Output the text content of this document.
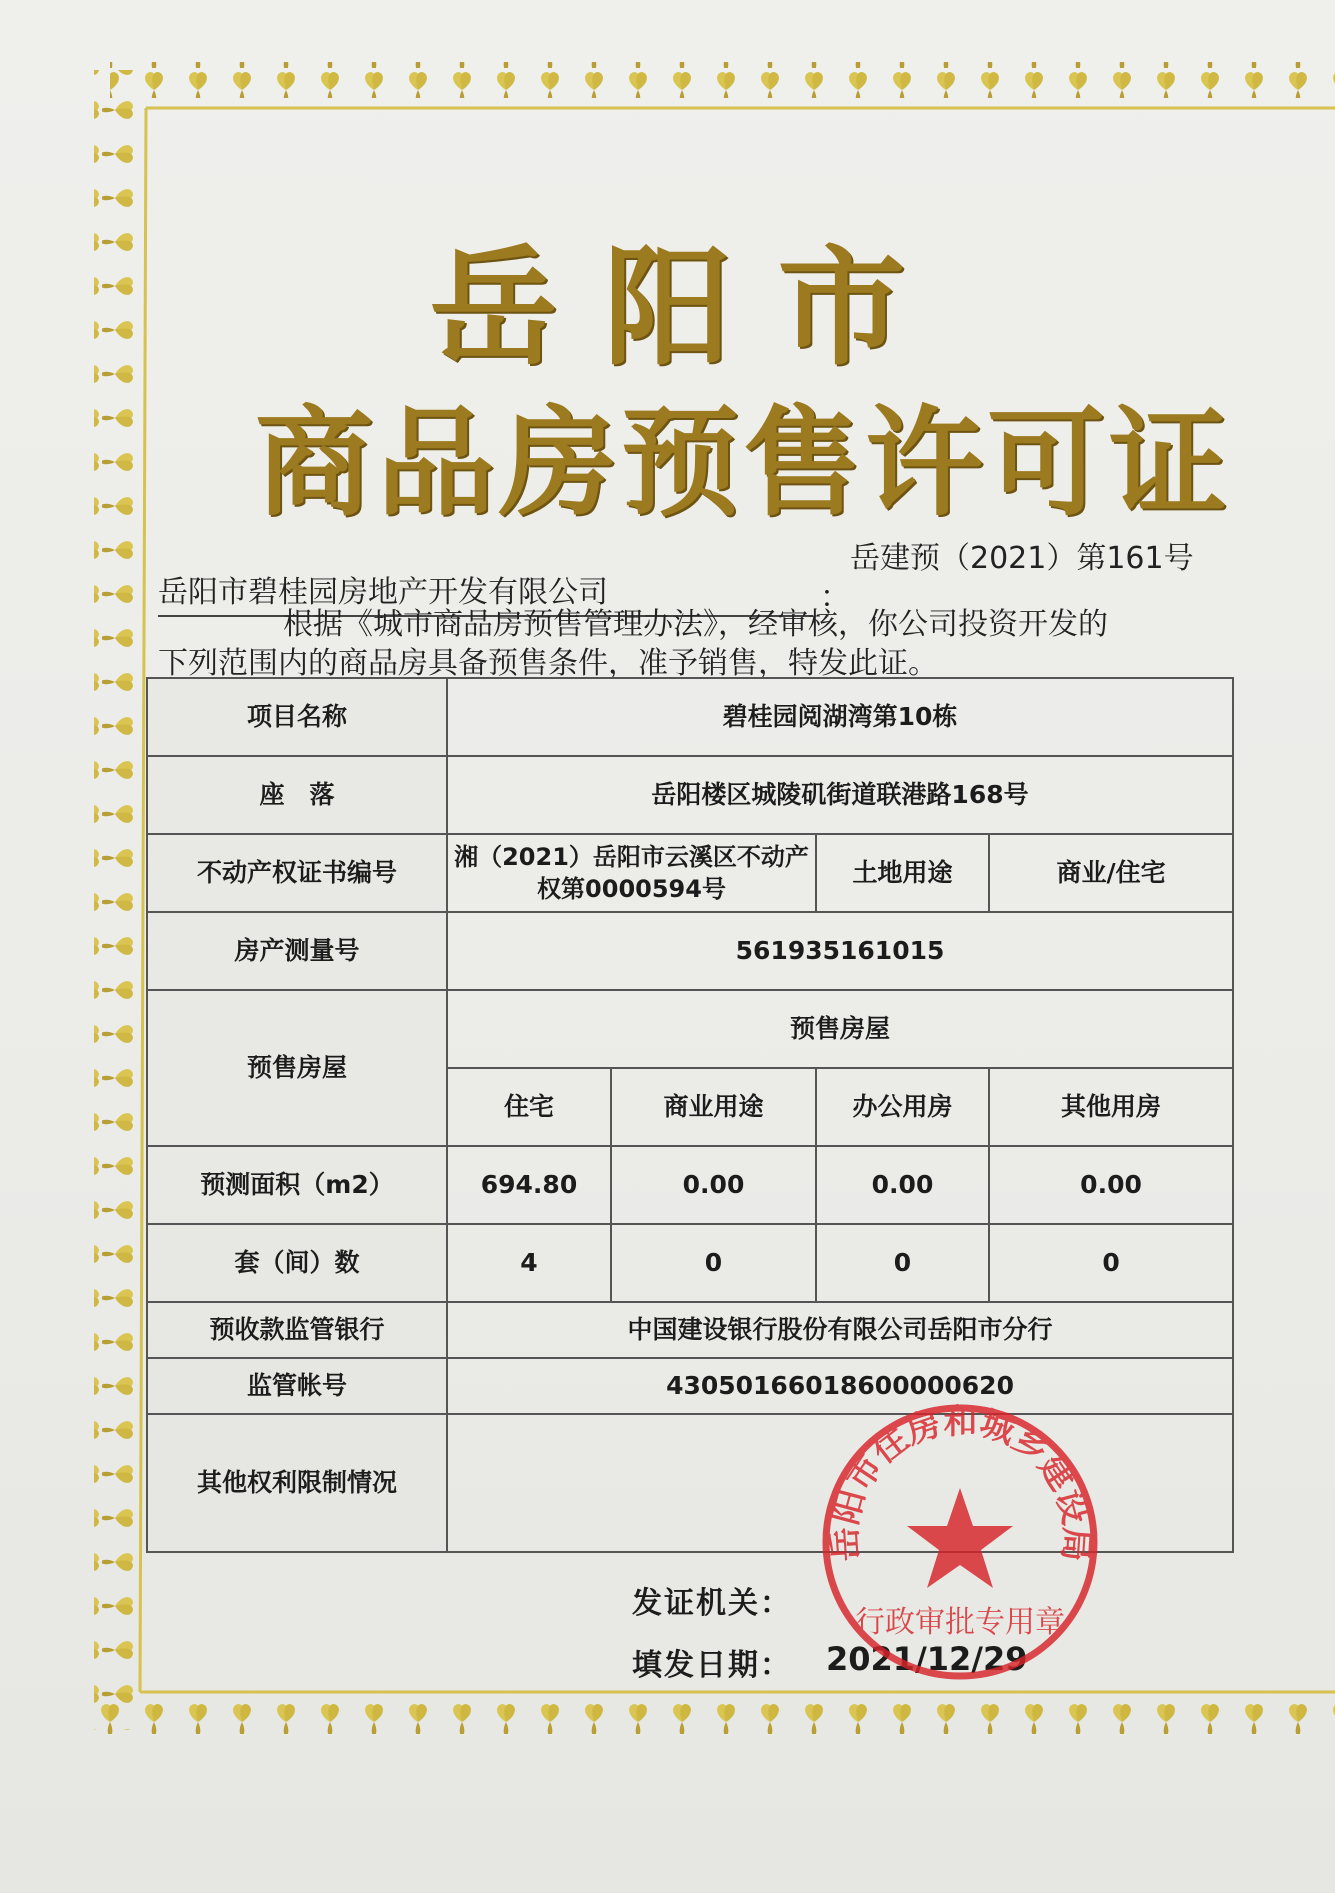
岳阳市
商品房预售许可证
岳建预（2021）第161号
岳阳市碧桂园房地产开发有限公司	：
根据《城市商品房预售管理办法》，经审核，你公司投资开发的
下列范围内的商品房具备预售条件，准予销售，特发此证。
项目名称	碧桂园阅湖湾第10栋			
座　落	岳阳楼区城陵矶街道联港路168号			
不动产权证书编号	湘（2021）岳阳市云溪区不动产权第0000594号		土地用途	商业/住宅
房产测量号	561935161015			
预售房屋	预售房屋			
	住宅	商业用途	办公用房	其他用房
预测面积（m2）	694.80	0.00	0.00	0.00
套（间）数	4	0	0	0
预收款监管银行	中国建设银行股份有限公司岳阳市分行			
监管帐号	43050166018600000620			
其他权利限制情况				
发证机关：
填发日期： 2021/12/29
岳阳市住房和城乡建设局
行政审批专用章
